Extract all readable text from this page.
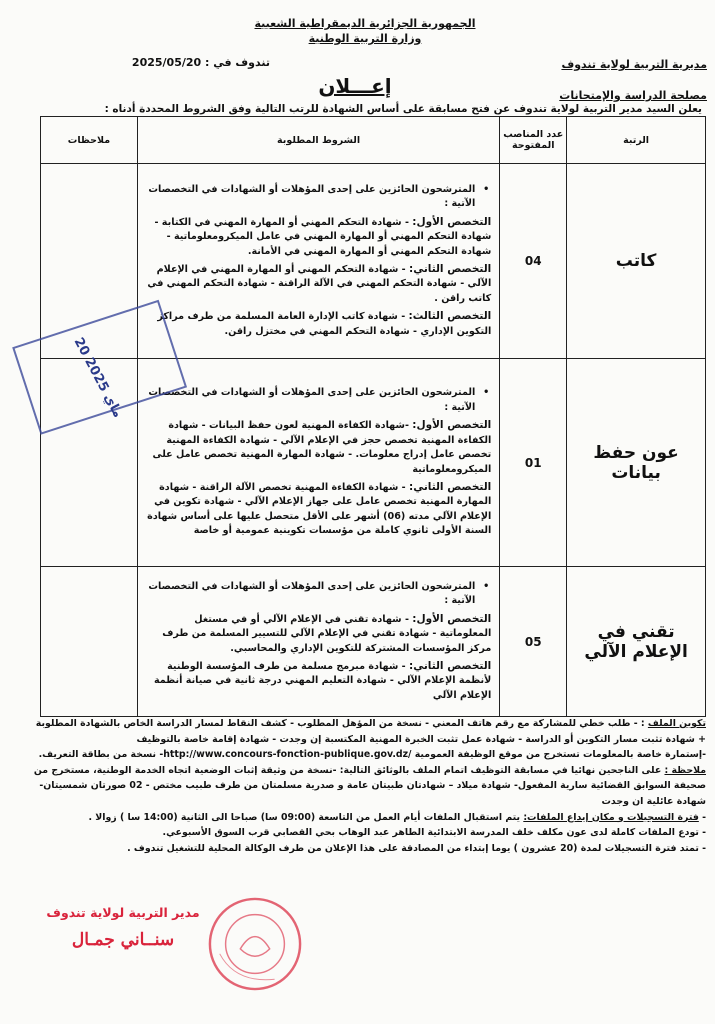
الجمهورية الجزائرية الديمقراطية الشعبية
وزارة التربية الوطنية
مديرية التربية لولاية تندوف
تندوف في : 2025/05/20
إعـــلان	مصلحة الدراسة والإمتحانات
يعلن السيد مدير التربية لولاية تندوف عن فتح مسابقة على أساس الشهادة للرتب التالية وفق الشروط المحددة أدناه :
الرتبة	عدد المناصب المفتوحة	الشروط المطلوبة	ملاحظات
كاتب	04	• المترشحون الحائزين على إحدى المؤهلات أو الشهادات في التخصصات الآتية :
التخصص الأول: - شهادة التحكم المهني أو المهارة المهني في الكتابة - شهادة التحكم المهني أو المهارة المهني في عامل الميكرومعلوماتية - شهادة التحكم المهني أو المهارة المهني في الأمانة.
التخصص الثاني: - شهادة التحكم المهني أو المهارة المهني في الإعلام الآلي - شهادة التحكم المهني في الآلة الراقنة - شهادة التحكم المهني في كاتب راقن .
التخصص الثالث: - شهادة كاتب الإدارة العامة المسلمة من طرف مراكز التكوين الإداري - شهادة التحكم المهني في مختزل راقن.

عون حفظ بيانات	01	• المترشحون الحائزين على إحدى المؤهلات أو الشهادات في التخصصات الآتية :
التخصص الأول: -شهادة الكفاءة المهنية لعون حفظ البيانات - شهادة الكفاءة المهنية تخصص حجز في الإعلام الآلي - شهادة الكفاءة المهنية تخصص عامل إدراج معلومات. - شهادة المهارة المهنية تخصص عامل على الميكرومعلوماتية
التخصص الثاني: - شهادة الكفاءة المهنية تخصص الآلة الراقنة - شهادة المهارة المهنية تخصص عامل على جهاز الإعلام الآلي - شهادة تكوين في الإعلام الآلي مدته (06) أشهر على الأقل متحصل عليها على أساس شهادة السنة الأولى ثانوي كاملة من مؤسسات تكوينية عمومية أو خاصة

تقني في الإعلام الآلي	05	• المترشحون الحائزين على إحدى المؤهلات أو الشهادات في التخصصات الآتية :
التخصص الأول: - شهادة تقني في الإعلام الآلي أو في مستغل المعلوماتية - شهادة تقني في الإعلام الآلي للتسيير المسلمة من طرف مركز المؤسسات المشتركة للتكوين الإداري والمحاسبي.
التخصص الثاني: - شهادة مبرمج مسلمة من طرف المؤسسة الوطنية لأنظمة الإعلام الآلي - شهادة التعليم المهني درجة ثانية في صيانة أنظمة الإعلام الآلي

20 ماي 2025
تكوين الملف : - طلب خطي للمشاركة مع رقم هاتف المعني - نسخة من المؤهل المطلوب - كشف النقاط لمسار الدراسة الخاص بالشهادة المطلوبة + شهادة تثبت مسار التكوين أو الدراسة - شهادة عمل تثبت الخبرة المهنية المكتسبة إن وجدت - شهادة إقامة خاصة بالتوظيف
-إستمارة خاصة بالمعلومات تستخرج من موقع الوظيفة العمومية http://www.concours-fonction-publique.gov.dz/- نسخة من بطاقة التعريف.
ملاحظة : على الناجحين نهائيا في مسابقة التوظيف اتمام الملف بالوثائق التالية: -نسخة من وثيقة إثبات الوضعية اتجاه الخدمة الوطنية، مستخرج من صحيفة السوابق القضائية سارية المفعول- شهادة ميلاد – شهادتان طبيتان عامة و صدرية مسلمتان من طرف طبيب مختص - 02 صورتان شمسيتان- شهادة عائلية ان وجدت
- فترة التسجيلات و مكان إيداع الملفات: يتم استقبال الملفات أيام العمل من التاسعة (09:00 سا) صباحا الى الثانية (14:00 سا ) زوالا .
- تودع الملفات كاملة لدى عون مكلف خلف المدرسة الابتدائية الطاهر عبد الوهاب بحي القصابي قرب السوق الأسبوعي.
- تمتد فترة التسجيلات لمدة (20 عشرون ) يوما إبتداء من المصادقة على هذا الإعلان من طرف الوكالة المحلية للتشغيل تندوف .
مدير التربية لولاية تندوف
سنــاني جمـال
